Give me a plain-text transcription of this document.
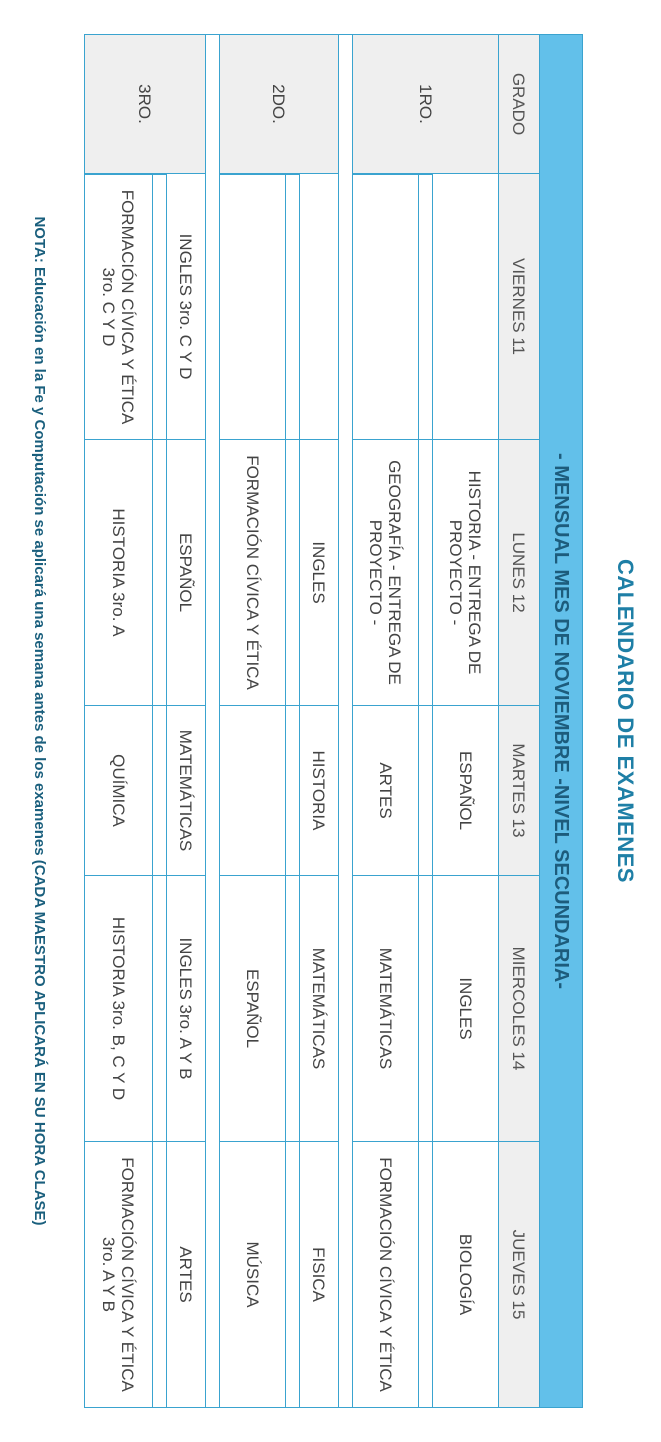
CALENDARIO DE EXAMENES
- MENSUAL MES DE NOVIEMBRE -NIVEL SECUNDARIA-					
GRADO	VIERNES 11	LUNES 12	MARTES 13	MIERCOLES 14	JUEVES 15
1RO.		HISTORIA - ENTREGA DE PROYECTO -	ESPAÑOL	INGLES	BIOLOGÍA

		GEOGRAFÍA - ENTREGA DE PROYECTO -	ARTES	MATEMÁTICAS	FORMACIÓN CÍVICA Y ÉTICA

2DO.		INGLES	HISTORIA	MATEMÁTICAS	FISICA

		FORMACIÓN CÍVICA Y ÉTICA		ESPAÑOL	MÚSICA

3RO.	INGLES 3ro. C Y D	ESPAÑOL	MATEMÁTICAS	INGLES 3ro. A Y B	ARTES

	FORMACIÓN CÍVICA Y ÉTICA 3ro. C Y D	HISTORIA 3ro. A	QUÍMICA	HISTORIA 3ro. B, C Y D	FORMACIÓN CÍVICA Y ÉTICA 3ro. A Y B
NOTA: Educación en la Fe y Computación se aplicará una semana antes de los examenes (CADA MAESTRO APLICARÁ EN SU HORA CLASE)
